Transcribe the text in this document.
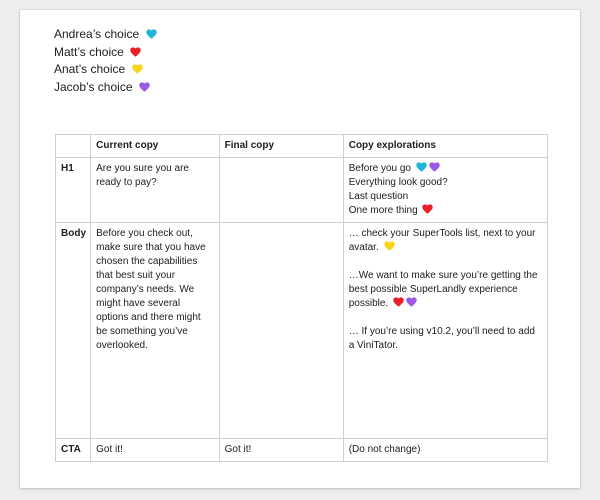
Andrea’s choice
Matt’s choice
Anat’s choice
Jacob’s choice
	Current copy	Final copy	Copy explorations
H1	Are you sure you are ready to pay?		Before you go
Everything look good?
Last question
One more thing

Body	Before you check out, make sure that you have chosen the capabilities that best suit your company’s needs. We might have several options and there might be something you’ve overlooked.		… check your SuperTools list, next to your avatar.
…We want to make sure you’re getting the best possible SuperLandly experience possible.
… If you’re using v10.2, you’ll need to add a ViniTator.

CTA	Got it!	Got it!	(Do not change)
